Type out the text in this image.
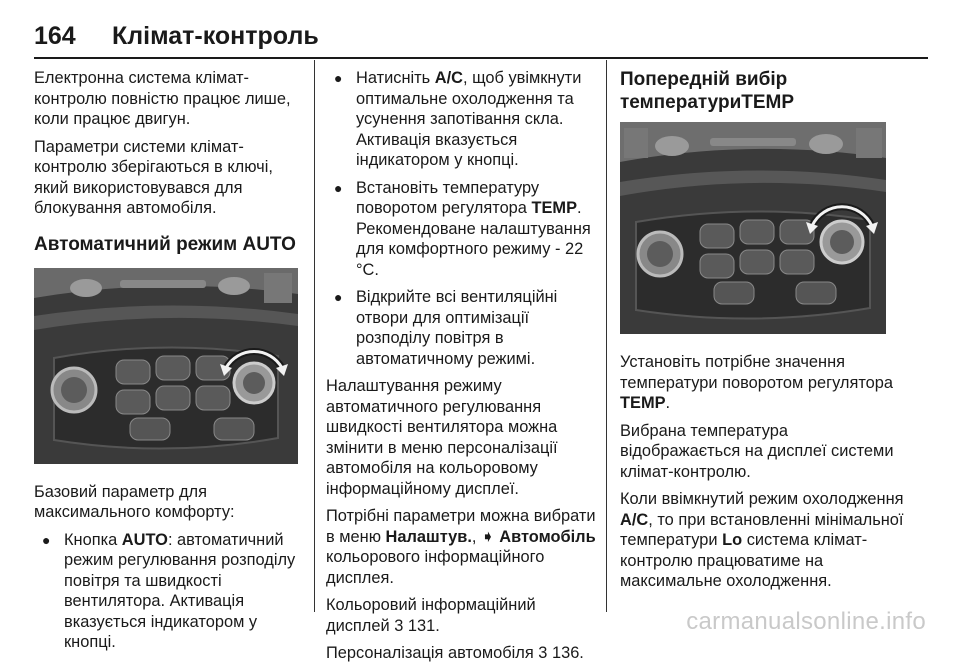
164 Клімат-контроль

Електронна система клімат-контролю повністю працює лише, коли працює двигун.

Параметри системи клімат-контролю зберігаються в ключі, який використовувався для блокування автомобіля.

Автоматичний режим AUTO

Базовий параметр для максимального комфорту:

● Кнопка AUTO: автоматичний режим регулювання розподілу повітря та швидкості вентилятора. Активація вказується індикатором у кнопці.
● Натисніть A/C, щоб увімкнути оптимальне охолодження та усунення запотівання скла. Активація вказується індикатором у кнопці.
● Встановіть температуру поворотом регулятора TEMP. Рекомендоване налаштування для комфортного режиму - 22 °C.
● Відкрийте всі вентиляційні отвори для оптимізації розподілу повітря в автоматичному режимі.

Налаштування режиму автоматичного регулювання швидкості вентилятора можна змінити в меню персоналізації автомобіля на кольоровому інформаційному дисплеї.

Потрібні параметри можна вибрати в меню Налаштув., ➧ Автомобіль кольорового інформаційного дисплея.

Кольоровий інформаційний дисплей 3 131.

Персоналізація автомобіля 3 136.

Попередній вибір температуриTEMP

Установіть потрібне значення температури поворотом регулятора TEMP.

Вибрана температура відображається на дисплеї системи клімат-контролю.

Коли ввімкнутий режим охолодження A/C, то при встановленні мінімальної температури Lo система клімат-контролю працюватиме на максимальне охолодження.

carmanualsonline.info
